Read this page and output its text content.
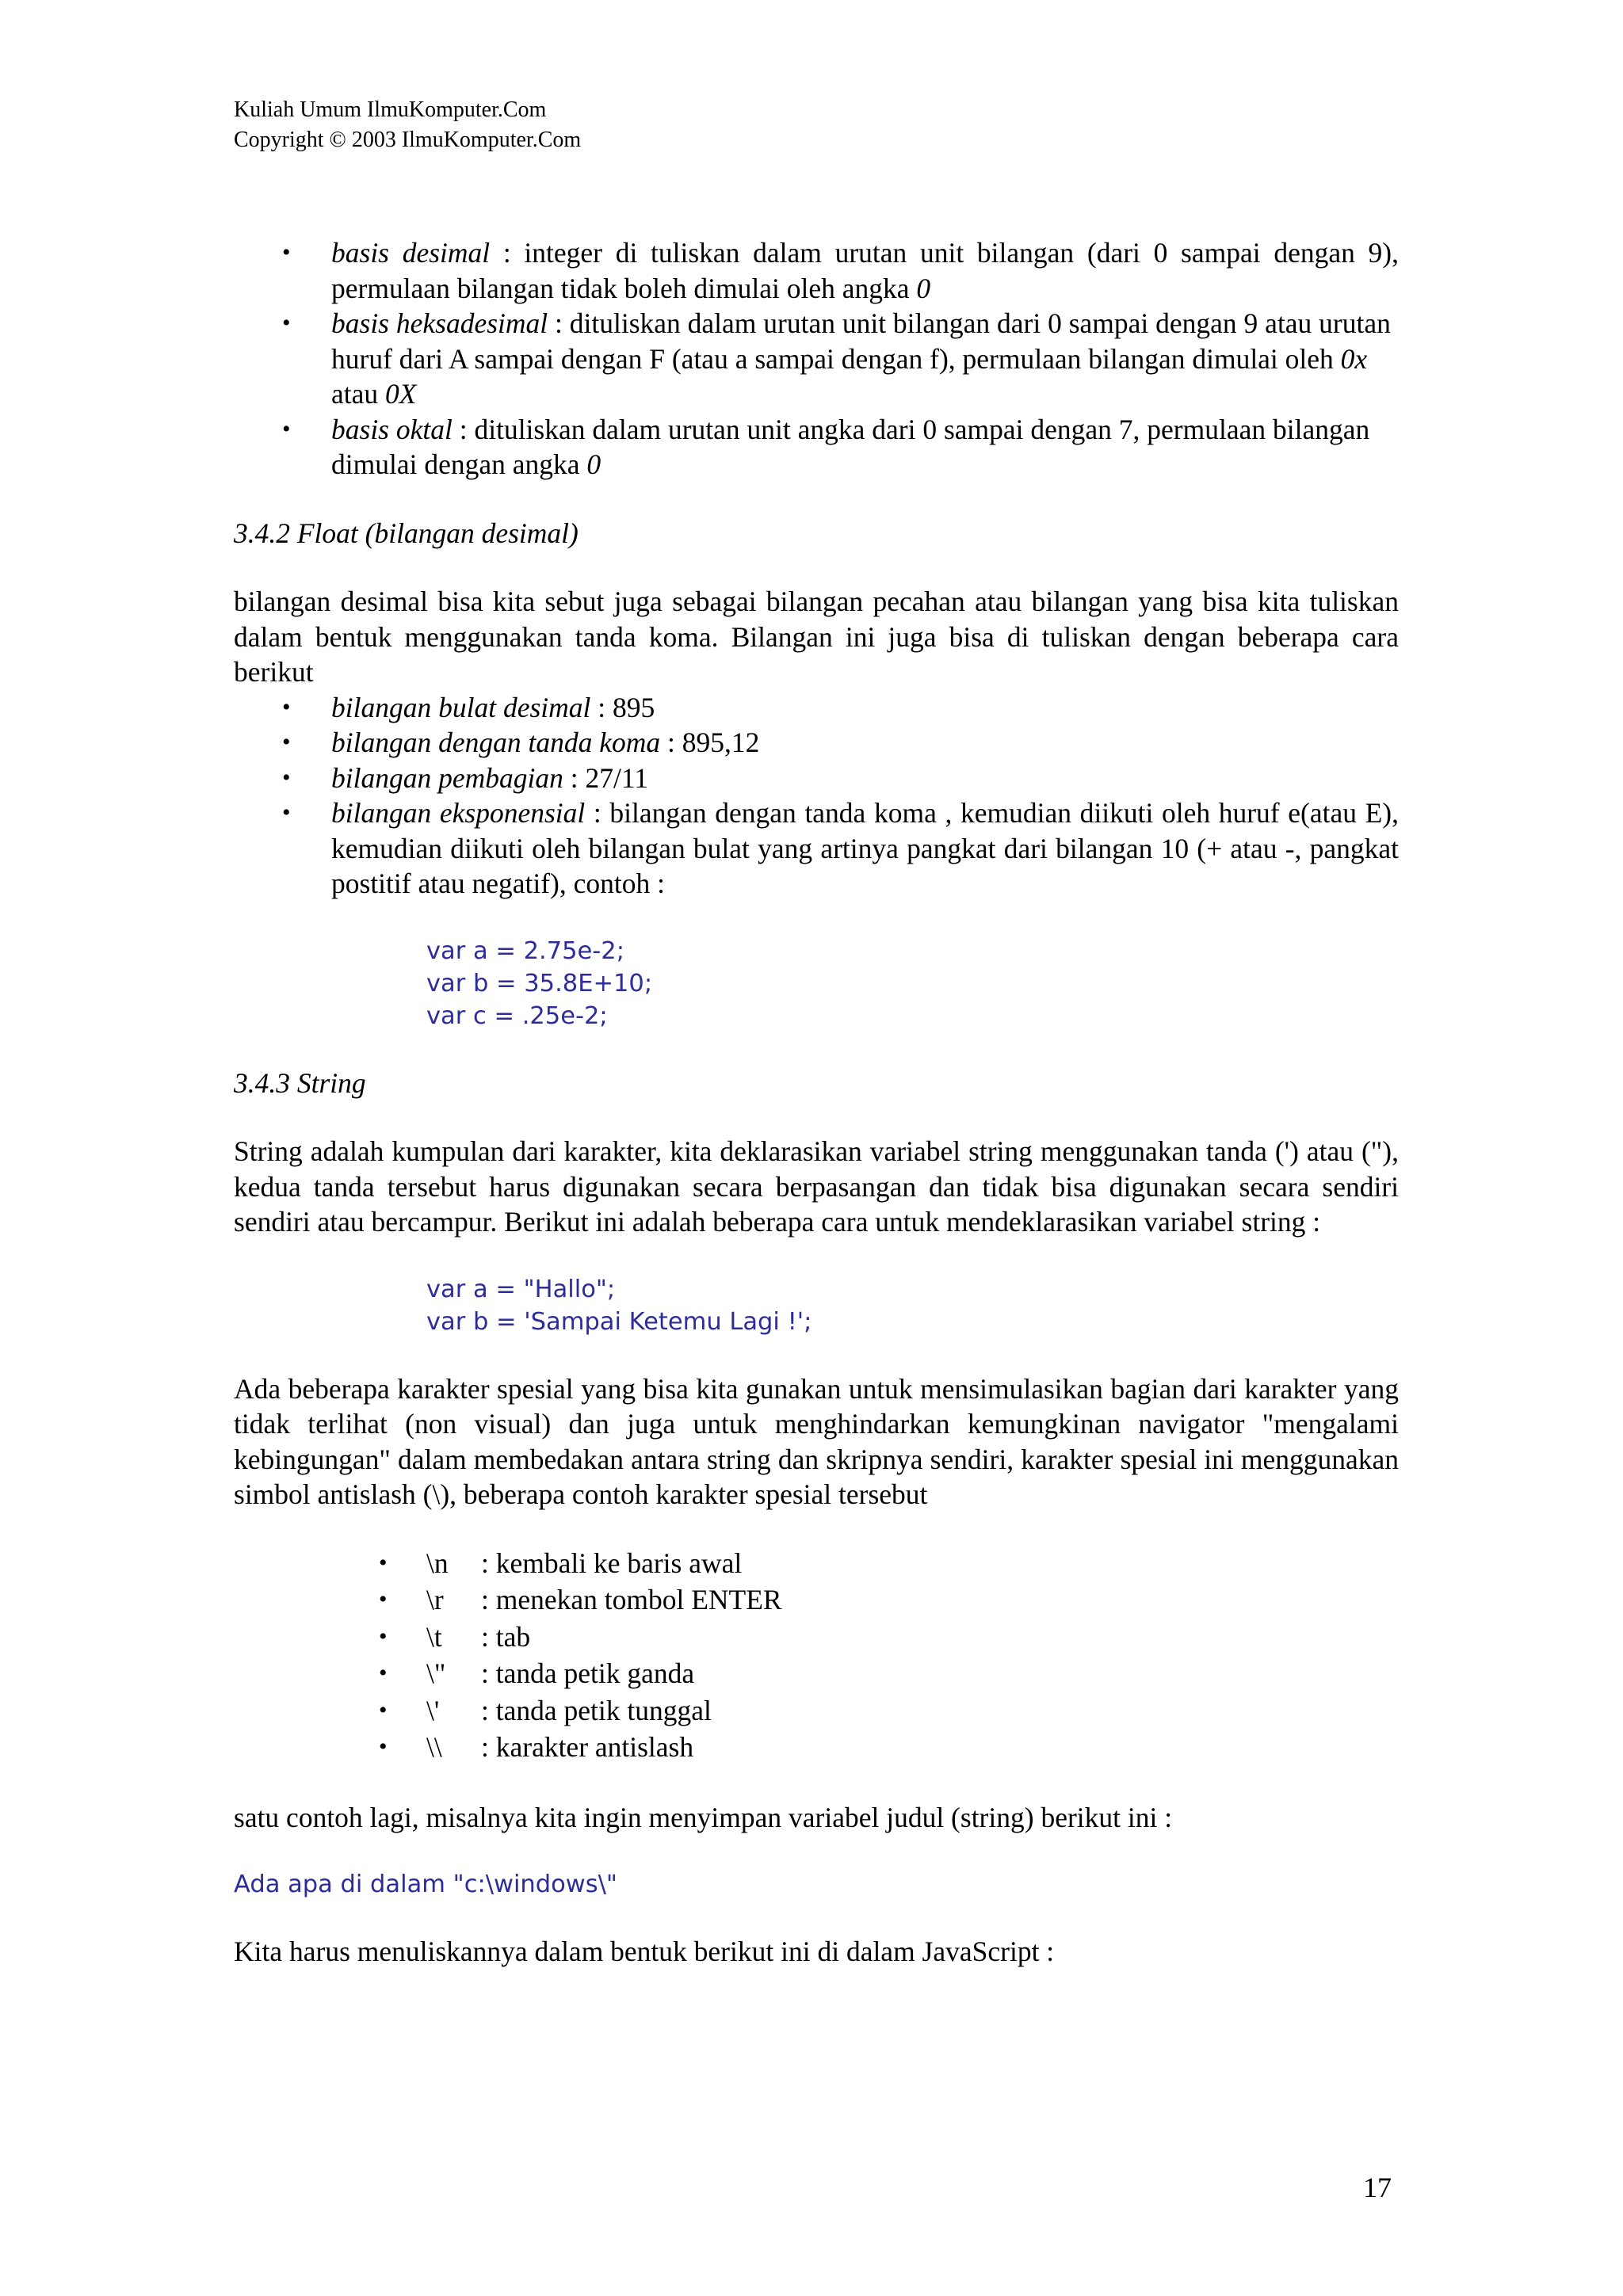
Kuliah Umum IlmuKomputer.Com
Copyright © 2003 IlmuKomputer.Com
• basis desimal : integer di tuliskan dalam urutan unit bilangan (dari 0 sampai dengan 9), permulaan bilangan tidak boleh dimulai oleh angka 0
• basis heksadesimal : dituliskan dalam urutan unit bilangan dari 0 sampai dengan 9 atau urutan huruf dari A sampai dengan F (atau a sampai dengan f), permulaan bilangan dimulai oleh 0x atau 0X
• basis oktal : dituliskan dalam urutan unit angka dari 0 sampai dengan 7, permulaan bilangan dimulai dengan angka 0

3.4.2 Float (bilangan desimal)

bilangan desimal bisa kita sebut juga sebagai bilangan pecahan atau bilangan yang bisa kita tuliskan dalam bentuk menggunakan tanda koma. Bilangan ini juga bisa di tuliskan dengan beberapa cara berikut

• bilangan bulat desimal : 895
• bilangan dengan tanda koma : 895,12
• bilangan pembagian : 27/11
• bilangan eksponensial : bilangan dengan tanda koma , kemudian diikuti oleh huruf e(atau E), kemudian diikuti oleh bilangan bulat yang artinya pangkat dari bilangan 10 (+ atau -, pangkat postitif atau negatif), contoh :
var a = 2.75e-2;
var b = 35.8E+10;
var c = .25e-2;

3.4.3 String

String adalah kumpulan dari karakter, kita deklarasikan variabel string menggunakan tanda (') atau ("), kedua tanda tersebut harus digunakan secara berpasangan dan tidak bisa digunakan secara sendiri sendiri atau bercampur. Berikut ini adalah beberapa cara untuk mendeklarasikan variabel string :

var a = "Hallo";
var b = 'Sampai Ketemu Lagi !';

Ada beberapa karakter spesial yang bisa kita gunakan untuk mensimulasikan bagian dari karakter yang tidak terlihat (non visual) dan juga untuk menghindarkan kemungkinan navigator "mengalami kebingungan" dalam membedakan antara string dan skripnya sendiri, karakter spesial ini menggunakan simbol antislash (\), beberapa contoh karakter spesial tersebut

• \n : kembali ke baris awal
• \r : menekan tombol ENTER
• \t : tab
• \" : tanda petik ganda
• \' : tanda petik tunggal
• \\ : karakter antislash

satu contoh lagi, misalnya kita ingin menyimpan variabel judul (string) berikut ini :

Ada apa di dalam "c:\windows\"

Kita harus menuliskannya dalam bentuk berikut ini di dalam JavaScript :

17
